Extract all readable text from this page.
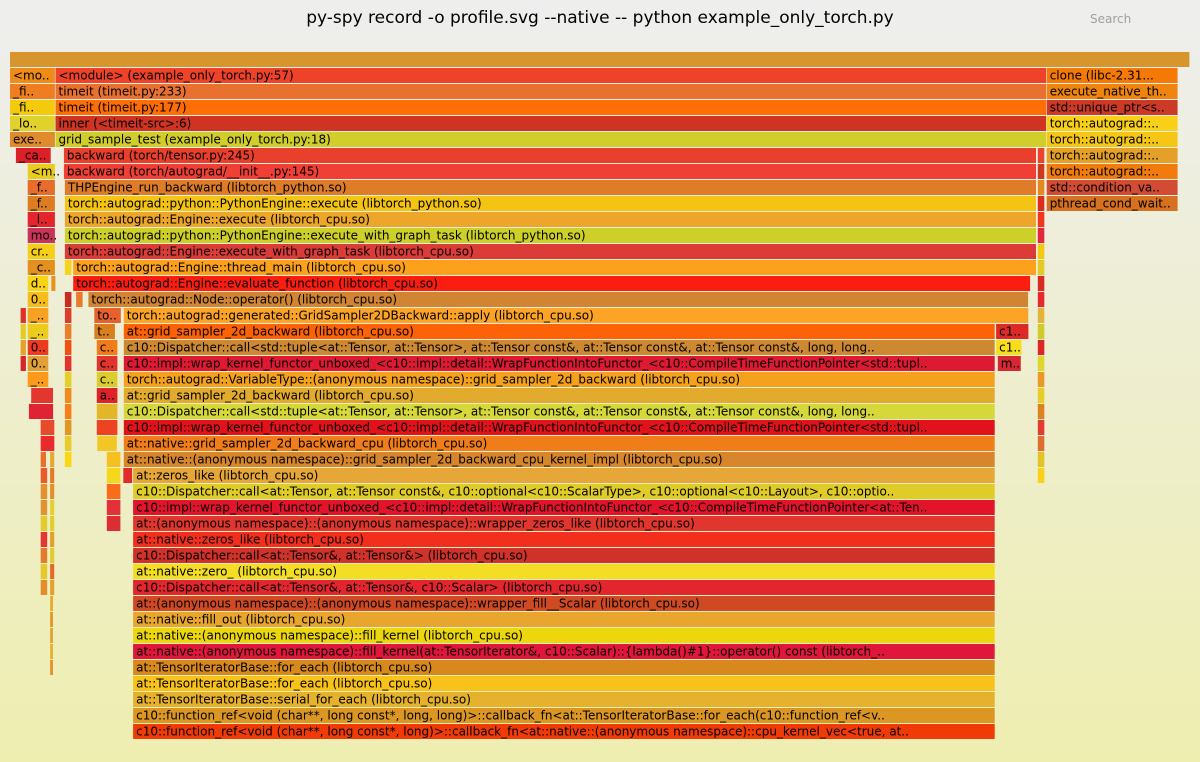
py-spy record -o profile.svg --native -- python example_only_torch.py	Search
<mo.. <module> (example_only_torch.py:57)	clone (libc-2.31...
_fi.. timeit (timeit.py:233)	execute_native_th..
_fi.. timeit (timeit.py:177)	std::unique_ptr<s..
_lo.. inner (<timeit-src>:6)	torch::autograd::..
exe.. grid_sample_test (example_only_torch.py:18)	torch::autograd::..
_ca.. backward (torch/tensor.py:245)	torch::autograd::..
<m.. backward (torch/autograd/__init__.py:145)	torch::autograd::..
_f.. THPEngine_run_backward (libtorch_python.so)	std::condition_va..
_f.. torch::autograd::python::PythonEngine::execute (libtorch_python.so)	pthread_cond_wait..
_l.. torch::autograd::Engine::execute (libtorch_cpu.so)
mo.. torch::autograd::python::PythonEngine::execute_with_graph_task (libtorch_python.so)
cr.. torch::autograd::Engine::execute_with_graph_task (libtorch_cpu.so)
_c.. torch::autograd::Engine::thread_main (libtorch_cpu.so)
d..	torch::autograd::Engine::evaluate_function (libtorch_cpu.so)
0..	torch::autograd::Node::operator() (libtorch_cpu.so)
_..	to.. torch::autograd::generated::GridSampler2DBackward::apply (libtorch_cpu.so)
_..	t.. at::grid_sampler_2d_backward (libtorch_cpu.so)	c1..
0..	c.. c10::Dispatcher::call<std::tuple<at::Tensor, at::Tensor>, at::Tensor const&, at::Tensor const&, at::Tensor const&, long, long..	c1..
0..	c.. c10::impl::wrap_kernel_functor_unboxed_<c10::impl::detail::WrapFunctionIntoFunctor_<c10::CompileTimeFunctionPointer<std::tupl..	m..
_..	c.. torch::autograd::VariableType::(anonymous namespace)::grid_sampler_2d_backward (libtorch_cpu.so)
a.. at::grid_sampler_2d_backward (libtorch_cpu.so)
c10::Dispatcher::call<std::tuple<at::Tensor, at::Tensor>, at::Tensor const&, at::Tensor const&, at::Tensor const&, long, long..
c10::impl::wrap_kernel_functor_unboxed_<c10::impl::detail::WrapFunctionIntoFunctor_<c10::CompileTimeFunctionPointer<std::tupl..
at::native::grid_sampler_2d_backward_cpu (libtorch_cpu.so)
at::native::(anonymous namespace)::grid_sampler_2d_backward_cpu_kernel_impl (libtorch_cpu.so)
at::zeros_like (libtorch_cpu.so)
c10::Dispatcher::call<at::Tensor, at::Tensor const&, c10::optional<c10::ScalarType>, c10::optional<c10::Layout>, c10::optio..
c10::impl::wrap_kernel_functor_unboxed_<c10::impl::detail::WrapFunctionIntoFunctor_<c10::CompileTimeFunctionPointer<at::Ten..
at::(anonymous namespace)::(anonymous namespace)::wrapper_zeros_like (libtorch_cpu.so)
at::native::zeros_like (libtorch_cpu.so)
c10::Dispatcher::call<at::Tensor&, at::Tensor&> (libtorch_cpu.so)
at::native::zero_ (libtorch_cpu.so)
c10::Dispatcher::call<at::Tensor&, at::Tensor&, c10::Scalar> (libtorch_cpu.so)
at::(anonymous namespace)::(anonymous namespace)::wrapper_fill__Scalar (libtorch_cpu.so)
at::native::fill_out (libtorch_cpu.so)
at::native::(anonymous namespace)::fill_kernel (libtorch_cpu.so)
at::native::(anonymous namespace)::fill_kernel(at::TensorIterator&, c10::Scalar)::{lambda()#1}::operator() const (libtorch_..
at::TensorIteratorBase::for_each (libtorch_cpu.so)
at::TensorIteratorBase::for_each (libtorch_cpu.so)
at::TensorIteratorBase::serial_for_each (libtorch_cpu.so)
c10::function_ref<void (char**, long const*, long, long)>::callback_fn<at::TensorIteratorBase::for_each(c10::function_ref<v..
c10::function_ref<void (char**, long const*, long)>::callback_fn<at::native::(anonymous namespace)::cpu_kernel_vec<true, at..
